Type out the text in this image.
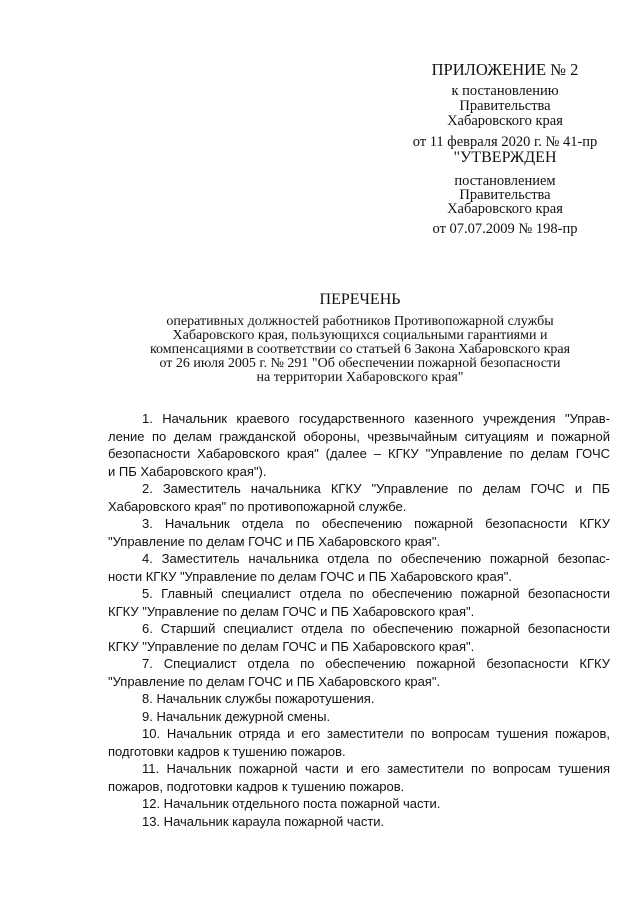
ПРИЛОЖЕНИЕ № 2
к постановлению
Правительства
Хабаровского края
от 11 февраля 2020 г. № 41-пр
"УТВЕРЖДЕН
постановлением
Правительства
Хабаровского края
от 07.07.2009 № 198-пр
ПЕРЕЧЕНЬ
оперативных должностей работников Противопожарной службы
Хабаровского края, пользующихся социальными гарантиями и
компенсациями в соответствии со статьей 6 Закона Хабаровского края
от 26 июля 2005 г. № 291 "Об обеспечении пожарной безопасности
на территории Хабаровского края"
1. Начальник краевого государственного казенного учреждения "Управ-
ление по делам гражданской обороны, чрезвычайным ситуациям и пожарной
безопасности Хабаровского края" (далее – КГКУ "Управление по делам ГОЧС
и ПБ Хабаровского края").
2. Заместитель начальника КГКУ "Управление по делам ГОЧС и ПБ
Хабаровского края" по противопожарной службе.
3. Начальник отдела по обеспечению пожарной безопасности КГКУ
"Управление по делам ГОЧС и ПБ Хабаровского края".
4. Заместитель начальника отдела по обеспечению пожарной безопас-
ности КГКУ "Управление по делам ГОЧС и ПБ Хабаровского края".
5. Главный специалист отдела по обеспечению пожарной безопасности
КГКУ "Управление по делам ГОЧС и ПБ Хабаровского края".
6. Старший специалист отдела по обеспечению пожарной безопасности
КГКУ "Управление по делам ГОЧС и ПБ Хабаровского края".
7. Специалист отдела по обеспечению пожарной безопасности КГКУ
"Управление по делам ГОЧС и ПБ Хабаровского края".
8. Начальник службы пожаротушения.
9. Начальник дежурной смены.
10. Начальник отряда и его заместители по вопросам тушения пожаров,
подготовки кадров к тушению пожаров.
11. Начальник пожарной части и его заместители по вопросам тушения
пожаров, подготовки кадров к тушению пожаров.
12. Начальник отдельного поста пожарной части.
13. Начальник караула пожарной части.
